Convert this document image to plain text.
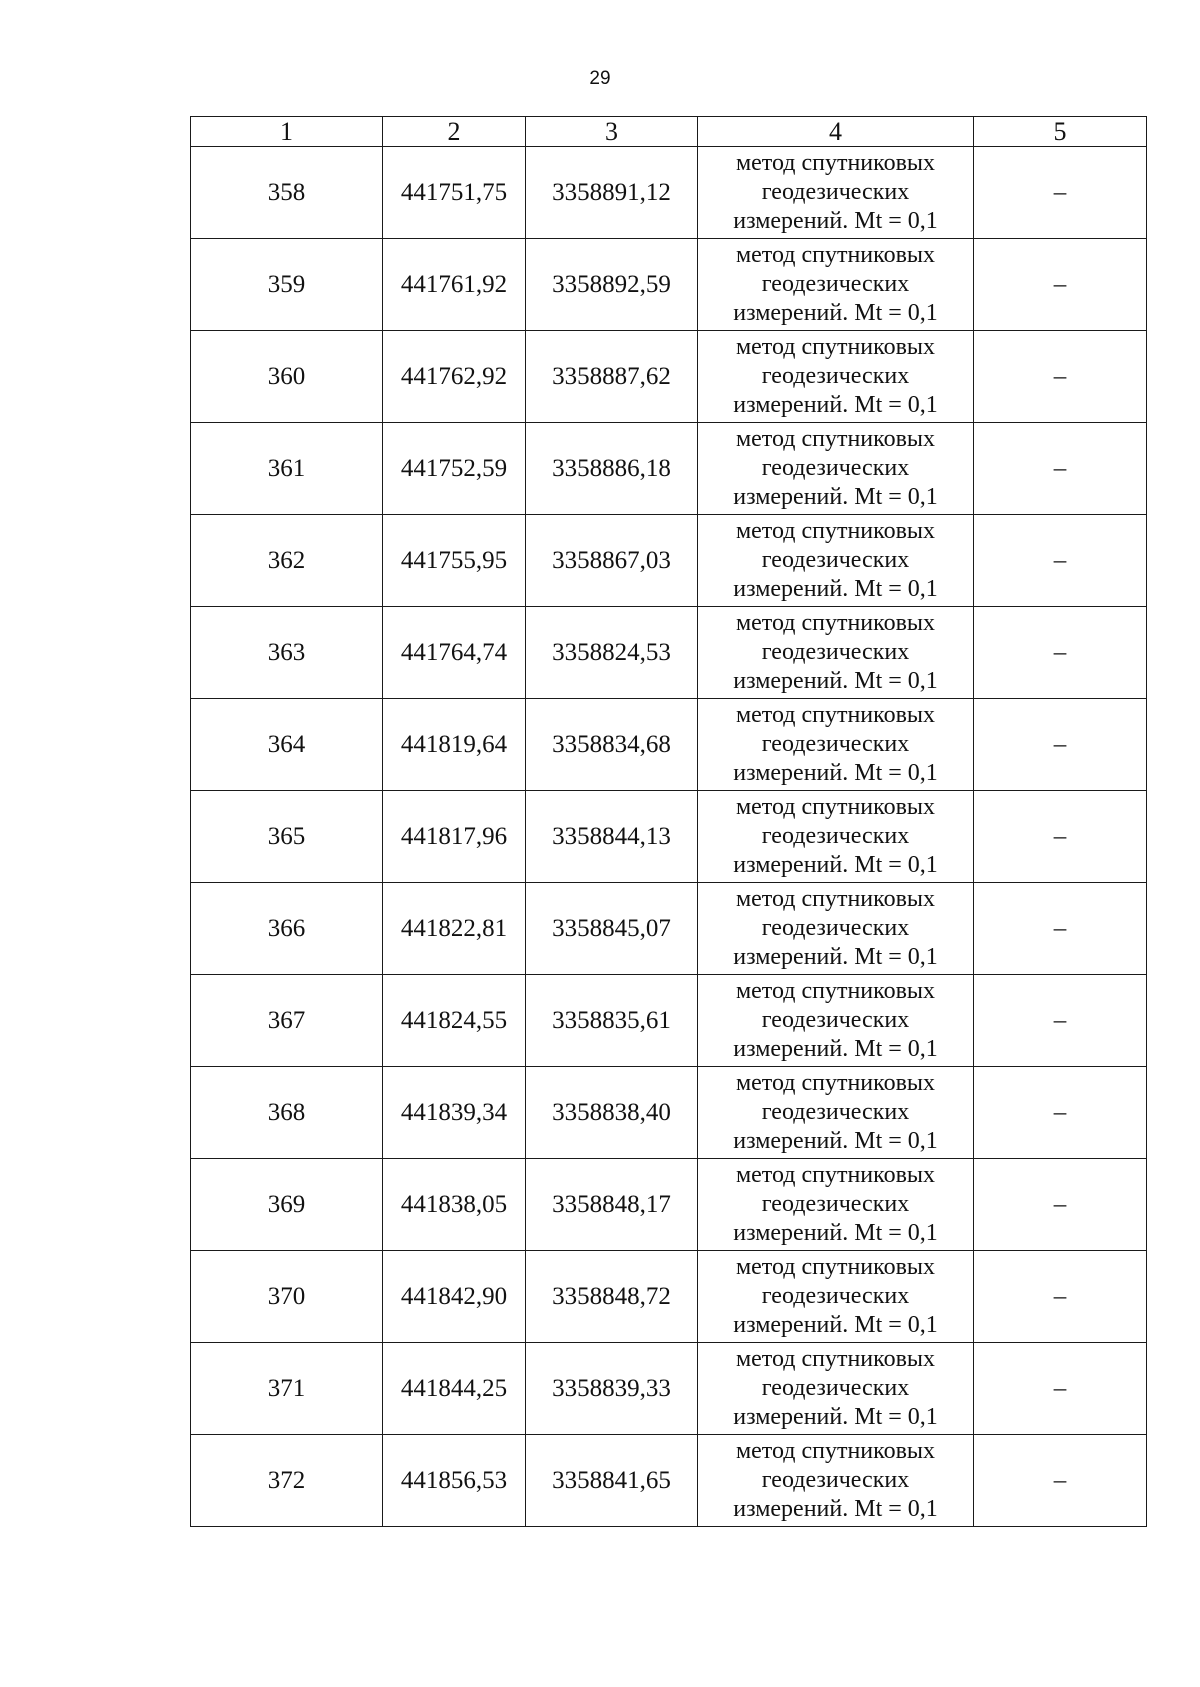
29
1	2	3	4	5
358	441751,75	3358891,12	метод спутниковых
геодезических
измерений. Mt = 0,1	–
359	441761,92	3358892,59	метод спутниковых
геодезических
измерений. Mt = 0,1	–
360	441762,92	3358887,62	метод спутниковых
геодезических
измерений. Mt = 0,1	–
361	441752,59	3358886,18	метод спутниковых
геодезических
измерений. Mt = 0,1	–
362	441755,95	3358867,03	метод спутниковых
геодезических
измерений. Mt = 0,1	–
363	441764,74	3358824,53	метод спутниковых
геодезических
измерений. Mt = 0,1	–
364	441819,64	3358834,68	метод спутниковых
геодезических
измерений. Mt = 0,1	–
365	441817,96	3358844,13	метод спутниковых
геодезических
измерений. Mt = 0,1	–
366	441822,81	3358845,07	метод спутниковых
геодезических
измерений. Mt = 0,1	–
367	441824,55	3358835,61	метод спутниковых
геодезических
измерений. Mt = 0,1	–
368	441839,34	3358838,40	метод спутниковых
геодезических
измерений. Mt = 0,1	–
369	441838,05	3358848,17	метод спутниковых
геодезических
измерений. Mt = 0,1	–
370	441842,90	3358848,72	метод спутниковых
геодезических
измерений. Mt = 0,1	–
371	441844,25	3358839,33	метод спутниковых
геодезических
измерений. Mt = 0,1	–
372	441856,53	3358841,65	метод спутниковых
геодезических
измерений. Mt = 0,1	–
